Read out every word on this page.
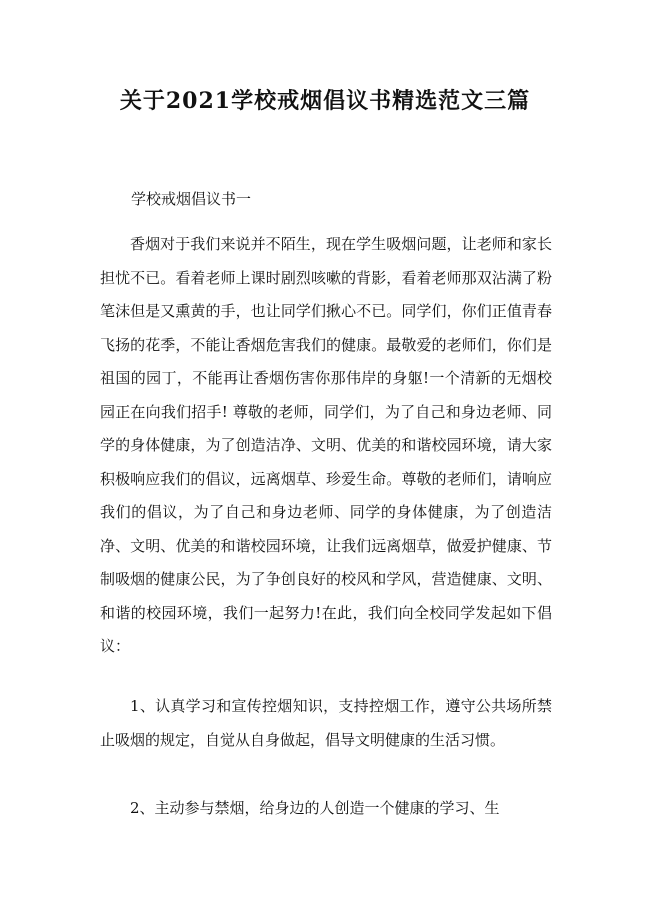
关于2021学校戒烟倡议书精选范文三篇

学校戒烟倡议书一

香烟对于我们来说并不陌生，现在学生吸烟问题，让老师和家长担忧不已。看着老师上课时剧烈咳嗽的背影，看着老师那双沾满了粉笔沫但是又熏黄的手，也让同学们揪心不已。同学们，你们正值青春飞扬的花季，不能让香烟危害我们的健康。最敬爱的老师们，你们是祖国的园丁，不能再让香烟伤害你那伟岸的身躯!一个清新的无烟校园正在向我们招手! 尊敬的老师，同学们，为了自己和身边老师、同学的身体健康，为了创造洁净、文明、优美的和谐校园环境，请大家积极响应我们的倡议，远离烟草、珍爱生命。尊敬的老师们，请响应我们的倡议，为了自己和身边老师、同学的身体健康，为了创造洁净、文明、优美的和谐校园环境，让我们远离烟草，做爱护健康、节制吸烟的健康公民，为了争创良好的校风和学风，营造健康、文明、和谐的校园环境，我们一起努力!在此，我们向全校同学发起如下倡议：

1、认真学习和宣传控烟知识，支持控烟工作，遵守公共场所禁止吸烟的规定，自觉从自身做起，倡导文明健康的生活习惯。

2、主动参与禁烟，给身边的人创造一个健康的学习、生
